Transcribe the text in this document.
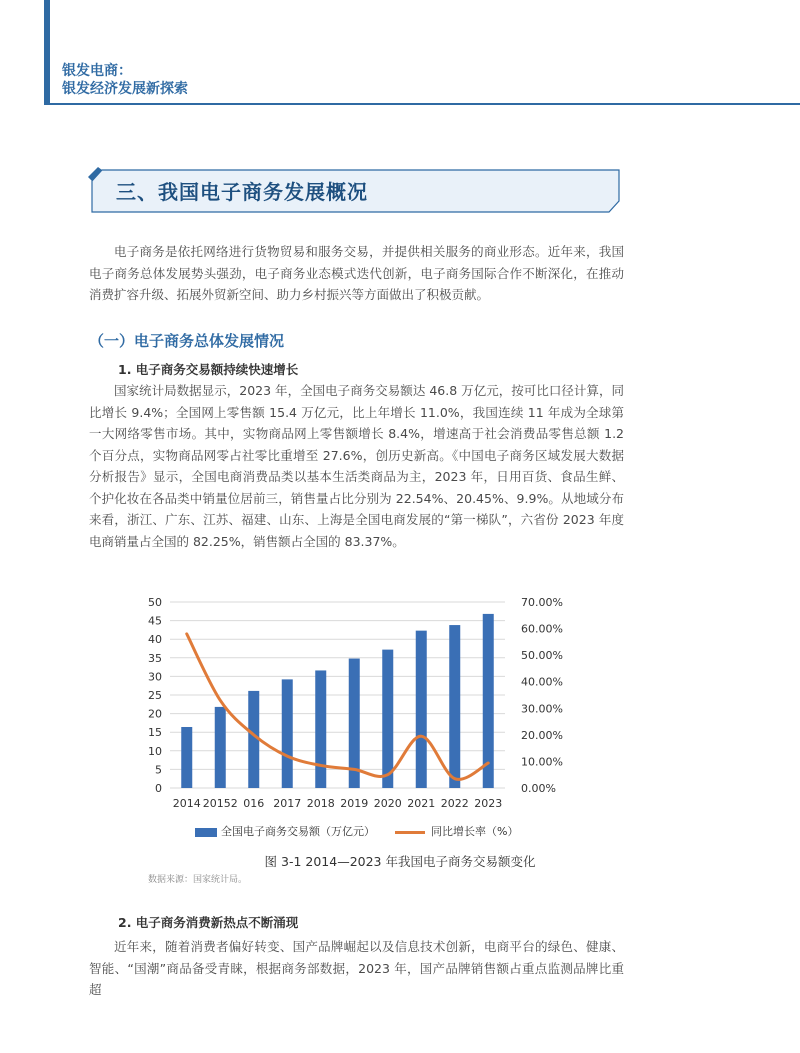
银发电商：
银发经济发展新探索
三、我国电子商务发展概况

电子商务是依托网络进行货物贸易和服务交易，并提供相关服务的商业形态。近年来，我国电子商务总体发展势头强劲，电子商务业态模式迭代创新，电子商务国际合作不断深化，在推动消费扩容升级、拓展外贸新空间、助力乡村振兴等方面做出了积极贡献。

（一）电子商务总体发展情况
1. 电子商务交易额持续快速增长

国家统计局数据显示，2023 年，全国电子商务交易额达 46.8 万亿元，按可比口径计算，同比增长 9.4%；全国网上零售额 15.4 万亿元，比上年增长 11.0%，我国连续 11 年成为全球第一大网络零售市场。其中，实物商品网上零售额增长 8.4%，增速高于社会消费品零售总额 1.2 个百分点，实物商品网零占社零比重增至 27.6%，创历史新高。《中国电子商务区域发展大数据分析报告》显示，全国电商消费品类以基本生活类商品为主，2023 年，日用百货、食品生鲜、个护化妆在各品类中销量位居前三，销售量占比分别为 22.54%、20.45%、9.9%。从地域分布来看，浙江、广东、江苏、福建、山东、上海是全国电商发展的“第一梯队”，六省份 2023 年度电商销量占全国的 82.25%，销售额占全国的 83.37%。

0
5
10
15
20
25
30
35
40
45
50
0.00%
10.00%
20.00%
30.00%
40.00%
50.00%
60.00%
70.00%
2014 20152 016 2017 2018 2019 2020 2021 2022 2023
全国电子商务交易额（万亿元）	同比增长率（%）
图 3-1 2014—2023 年我国电子商务交易额变化
数据来源：国家统计局。
2. 电子商务消费新热点不断涌现

近年来，随着消费者偏好转变、国产品牌崛起以及信息技术创新，电商平台的绿色、健康、智能、“国潮”商品备受青睐，根据商务部数据，2023 年，国产品牌销售额占重点监测品牌比重超
